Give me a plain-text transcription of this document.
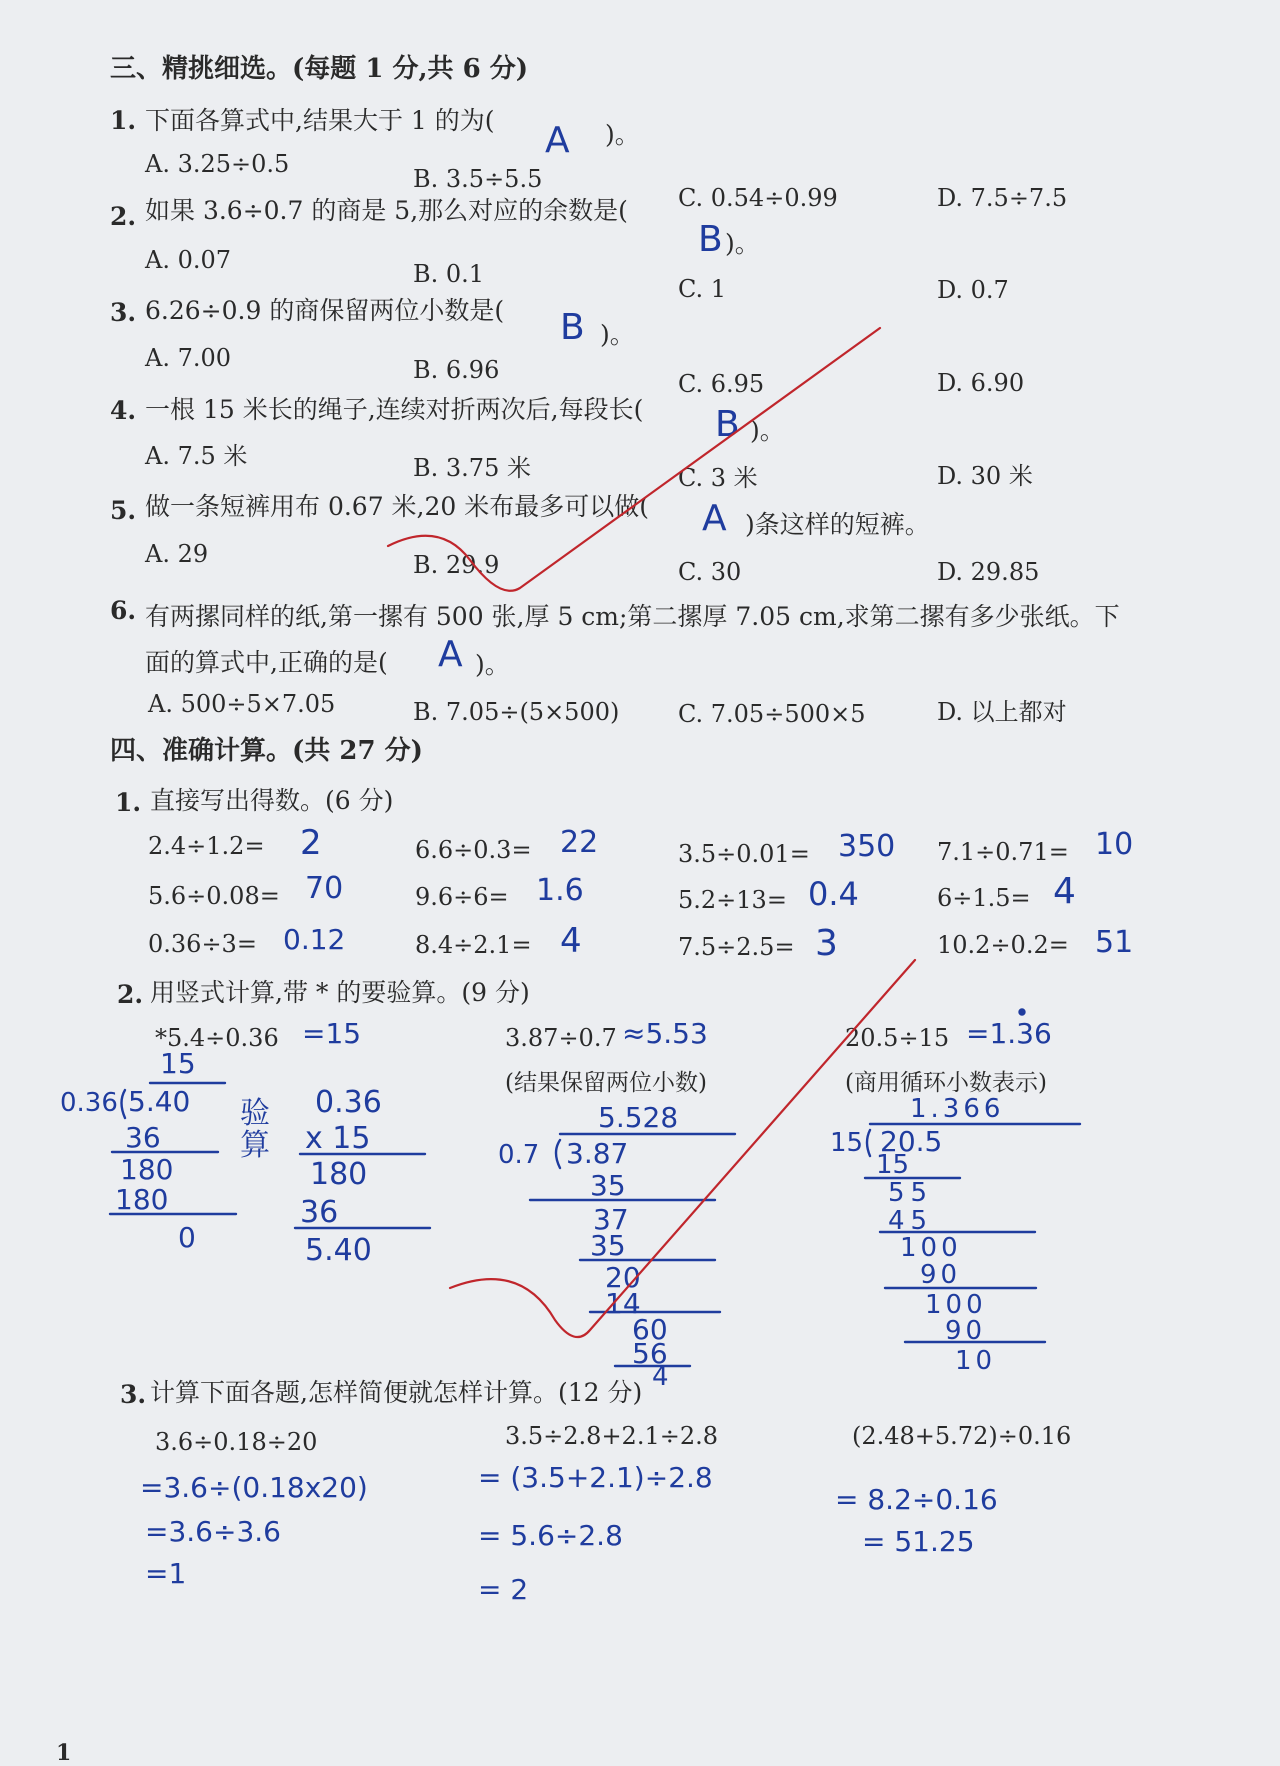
三、精挑细选。(每题 1 分,共 6 分)
1. 下面各算式中,结果大于 1 的为( A )。
A. 3.25÷0.5
B. 3.5÷5.5
C. 0.54÷0.99	D. 7.5÷7.5
2. 如果 3.6÷0.7 的商是 5,那么对应的余数是(
B )。
A. 0.07	B. 0.1
C. 1	D. 0.7
3. 6.26÷0.9 的商保留两位小数是( B )。
A. 7.00	B. 6.96	C. 6.95	D. 6.90
4. 一根 15 米长的绳子,连续对折两次后,每段长( B )。
A. 7.5 米	B. 3.75 米	C. 3 米	D. 30 米
5. 做一条短裤用布 0.67 米,20 米布最多可以做( A )条这样的短裤。
A. 29	B. 29.9	C. 30	D. 29.85
6. 有两摞同样的纸,第一摞有 500 张,厚 5 cm;第二摞厚 7.05 cm,求第二摞有多少张纸。下
面的算式中,正确的是( A )。
A. 500÷5×7.05	B. 7.05÷(5×500) C. 7.05÷500×5	D. 以上都对
四、准确计算。(共 27 分)
1. 直接写出得数。(6 分)
2.4÷1.2= 2	6.6÷0.3= 22	3.5÷0.01= 350 7.1÷0.71= 10
5.6÷0.08= 70	9.6÷6= 1.6	5.2÷13= 0.4	6÷1.5= 4
0.36÷3= 0.12	8.4÷2.1= 4	7.5÷2.5= 3	10.2÷0.2= 51
2. 用竖式计算,带 * 的要验算。(9 分)
*5.4÷0.36 =15	3.87÷0.7 ≈5.53
(结果保留两位小数)
20.5÷15 =1.36
(商用循环小数表示)
15
0.36 5.40
36
180
180
0
验算
0.36
x 15
180
36
5.40
5.528
0.7 3.87
35
37
35
20
14
60
56
4
1.366
15 20.5
15
55
45
100
90
100
90
10
3. 计算下面各题,怎样简便就怎样计算。(12 分)
3.6÷0.18÷20	3.5÷2.8+2.1÷2.8	(2.48+5.72)÷0.16
=3.6÷(0.18x20)
=3.6÷3.6
=1
= (3.5+2.1)÷2.8
= 5.6÷2.8
= 2
= 8.2÷0.16
= 51.25
1
